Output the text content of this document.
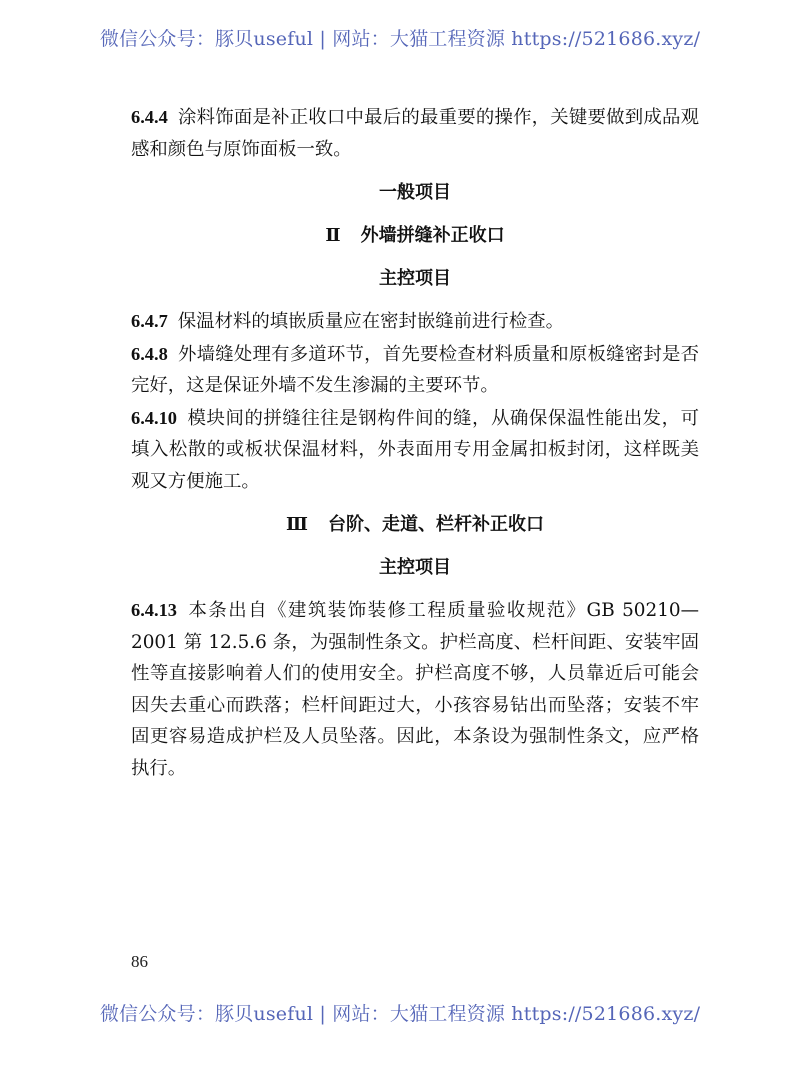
微信公众号：豚贝useful | 网站：大猫工程资源 https://521686.xyz/

6.4.4 涂料饰面是补正收口中最后的最重要的操作，关键要做到成品观感和颜色与原饰面板一致。

一般项目
Ⅱ 外墙拼缝补正收口
主控项目

6.4.7 保温材料的填嵌质量应在密封嵌缝前进行检查。

6.4.8 外墙缝处理有多道环节，首先要检查材料质量和原板缝密封是否完好，这是保证外墙不发生渗漏的主要环节。

6.4.10 模块间的拼缝往往是钢构件间的缝，从确保保温性能出发，可填入松散的或板状保温材料，外表面用专用金属扣板封闭，这样既美观又方便施工。

Ⅲ 台阶、走道、栏杆补正收口
主控项目

6.4.13 本条出自《建筑装饰装修工程质量验收规范》GB 50210—2001 第 12.5.6 条，为强制性条文。护栏高度、栏杆间距、安装牢固性等直接影响着人们的使用安全。护栏高度不够，人员靠近后可能会因失去重心而跌落；栏杆间距过大，小孩容易钻出而坠落；安装不牢固更容易造成护栏及人员坠落。因此，本条设为强制性条文，应严格执行。

86
微信公众号：豚贝useful | 网站：大猫工程资源 https://521686.xyz/
